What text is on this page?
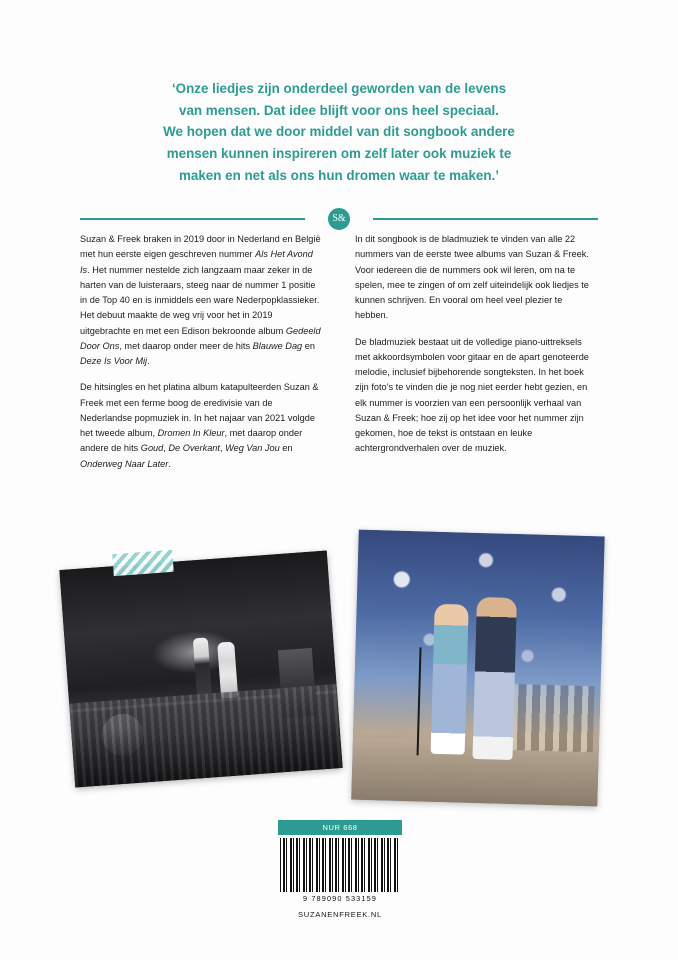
‘Onze liedjes zijn onderdeel geworden van de levens

van mensen. Dat idee blijft voor ons heel speciaal.

We hopen dat we door middel van dit songbook andere

mensen kunnen inspireren om zelf later ook muziek te

maken en net als ons hun dromen waar te maken.’

S&

Suzan & Freek braken in 2019 door in Nederland en België met hun eerste eigen geschreven nummer Als Het Avond Is. Het nummer nestelde zich langzaam maar zeker in de harten van de luisteraars, steeg naar de nummer 1 positie in de Top 40 en is inmiddels een ware Nederpopklassieker. Het debuut maakte de weg vrij voor het in 2019 uitgebrachte en met een Edison bekroonde album Gedeeld Door Ons, met daarop onder meer de hits Blauwe Dag en Deze Is Voor Mij.

De hitsingles en het platina album katapulteerden Suzan & Freek met een ferme boog de eredivisie van de Nederlandse popmuziek in. In het najaar van 2021 volgde het tweede album, Dromen In Kleur, met daarop onder andere de hits Goud, De Overkant, Weg Van Jou en Onderweg Naar Later.

In dit songbook is de bladmuziek te vinden van alle 22 nummers van de eerste twee albums van Suzan & Freek. Voor iedereen die de nummers ook wil leren, om na te spelen, mee te zingen of om zelf uiteindelijk ook liedjes te kunnen schrijven. En vooral om heel veel plezier te hebben.

De bladmuziek bestaat uit de volledige piano-uittreksels met akkoordsymbolen voor gitaar en de apart genoteerde melodie, inclusief bijbehorende songteksten. In het boek zijn foto’s te vinden die je nog niet eerder hebt gezien, en elk nummer is voorzien van een persoonlijk verhaal van Suzan & Freek; hoe zij op het idee voor het nummer zijn gekomen, hoe de tekst is ontstaan en leuke achtergrondverhalen over de muziek.

NUR 668
9 789090 533159
SUZANENFREEK.NL
